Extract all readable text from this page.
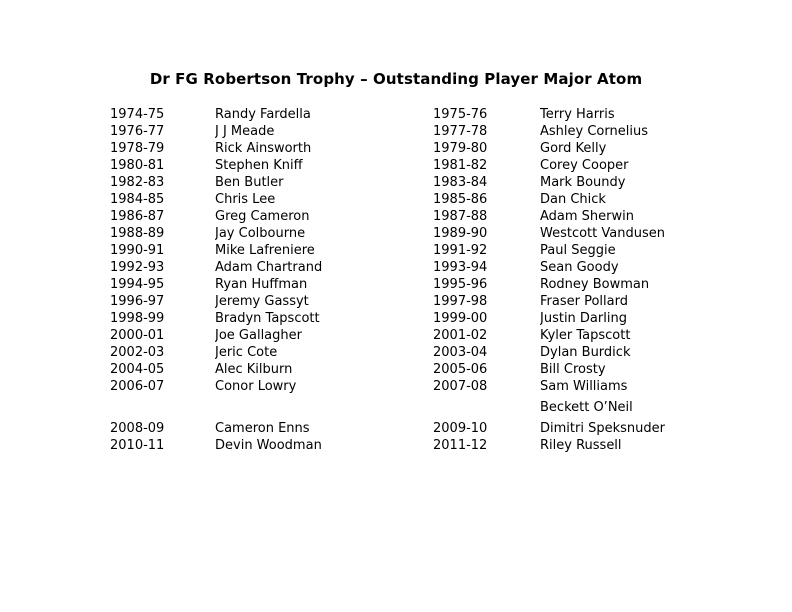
Dr FG Robertson Trophy – Outstanding Player Major Atom
1974-75	Randy Fardella	1975-76	Terry Harris
1976-77	J J Meade	1977-78	Ashley Cornelius
1978-79	Rick Ainsworth	1979-80	Gord Kelly
1980-81	Stephen Kniff	1981-82	Corey Cooper
1982-83	Ben Butler	1983-84	Mark Boundy
1984-85	Chris Lee	1985-86	Dan Chick
1986-87	Greg Cameron	1987-88	Adam Sherwin
1988-89	Jay Colbourne	1989-90	Westcott Vandusen
1990-91	Mike Lafreniere	1991-92	Paul Seggie
1992-93	Adam Chartrand	1993-94	Sean Goody
1994-95	Ryan Huffman	1995-96	Rodney Bowman
1996-97	Jeremy Gassyt	1997-98	Fraser Pollard
1998-99	Bradyn Tapscott	1999-00	Justin Darling
2000-01	Joe Gallagher	2001-02	Kyler Tapscott
2002-03	Jeric Cote	2003-04	Dylan Burdick
2004-05	Alec Kilburn	2005-06	Bill Crosty
2006-07	Conor Lowry	2007-08	Sam Williams
Beckett O’Neil
2008-09	Cameron Enns	2009-10	Dimitri Speksnuder
2010-11	Devin Woodman	2011-12	Riley Russell
